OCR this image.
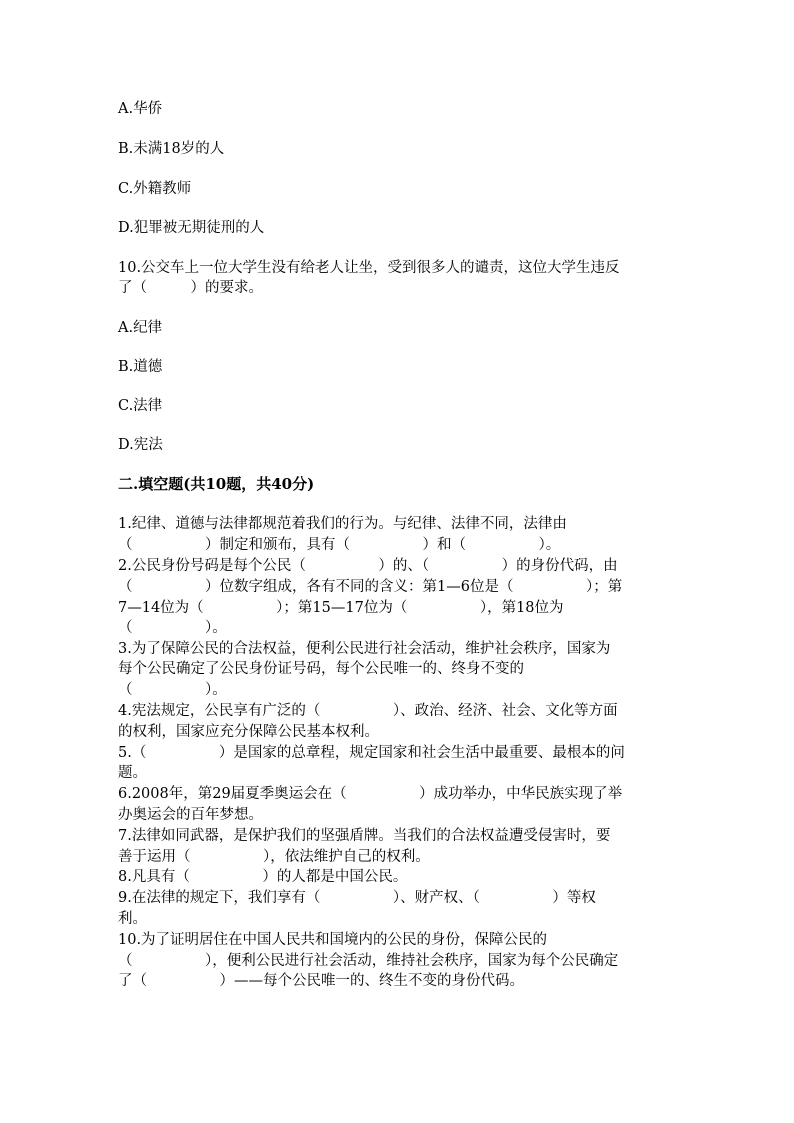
A.华侨
B.未满18岁的人
C.外籍教师
D.犯罪被无期徒刑的人
10.公交车上一位大学生没有给老人让坐，受到很多人的谴责，这位大学生违反
了（　　　）的要求。
A.纪律
B.道德
C.法律
D.宪法
二.填空题(共10题，共40分)
1.纪律、道德与法律都规范着我们的行为。与纪律、法律不同，法律由
（　　　　　）制定和颁布，具有（　　　　　）和（　　　　　）。
2.公民身份号码是每个公民（　　　　　）的、（　　　　　）的身份代码，由
（　　　　　）位数字组成，各有不同的含义：第1—6位是（　　　　　）；第
7—14位为（　　　　　）；第15—17位为（　　　　　），第18位为
（　　　　　）。
3.为了保障公民的合法权益，便利公民进行社会活动，维护社会秩序，国家为
每个公民确定了公民身份证号码，每个公民唯一的、终身不变的
（　　　　　）。
4.宪法规定，公民享有广泛的（　　　　　）、政治、经济、社会、文化等方面
的权利，国家应充分保障公民基本权利。
5.（　　　　　）是国家的总章程，规定国家和社会生活中最重要、最根本的问
题。
6.2008年，第29届夏季奥运会在（　　　　　）成功举办，中华民族实现了举
办奥运会的百年梦想。
7.法律如同武器，是保护我们的坚强盾牌。当我们的合法权益遭受侵害时，要
善于运用（　　　　　），依法维护自己的权利。
8.凡具有（　　　　　）的人都是中国公民。
9.在法律的规定下，我们享有（　　　　　）、财产权、（　　　　　）等权
利。
10.为了证明居住在中国人民共和国境内的公民的身份，保障公民的
（　　　　　），便利公民进行社会活动，维持社会秩序，国家为每个公民确定
了（　　　　　）——每个公民唯一的、终生不变的身份代码。
